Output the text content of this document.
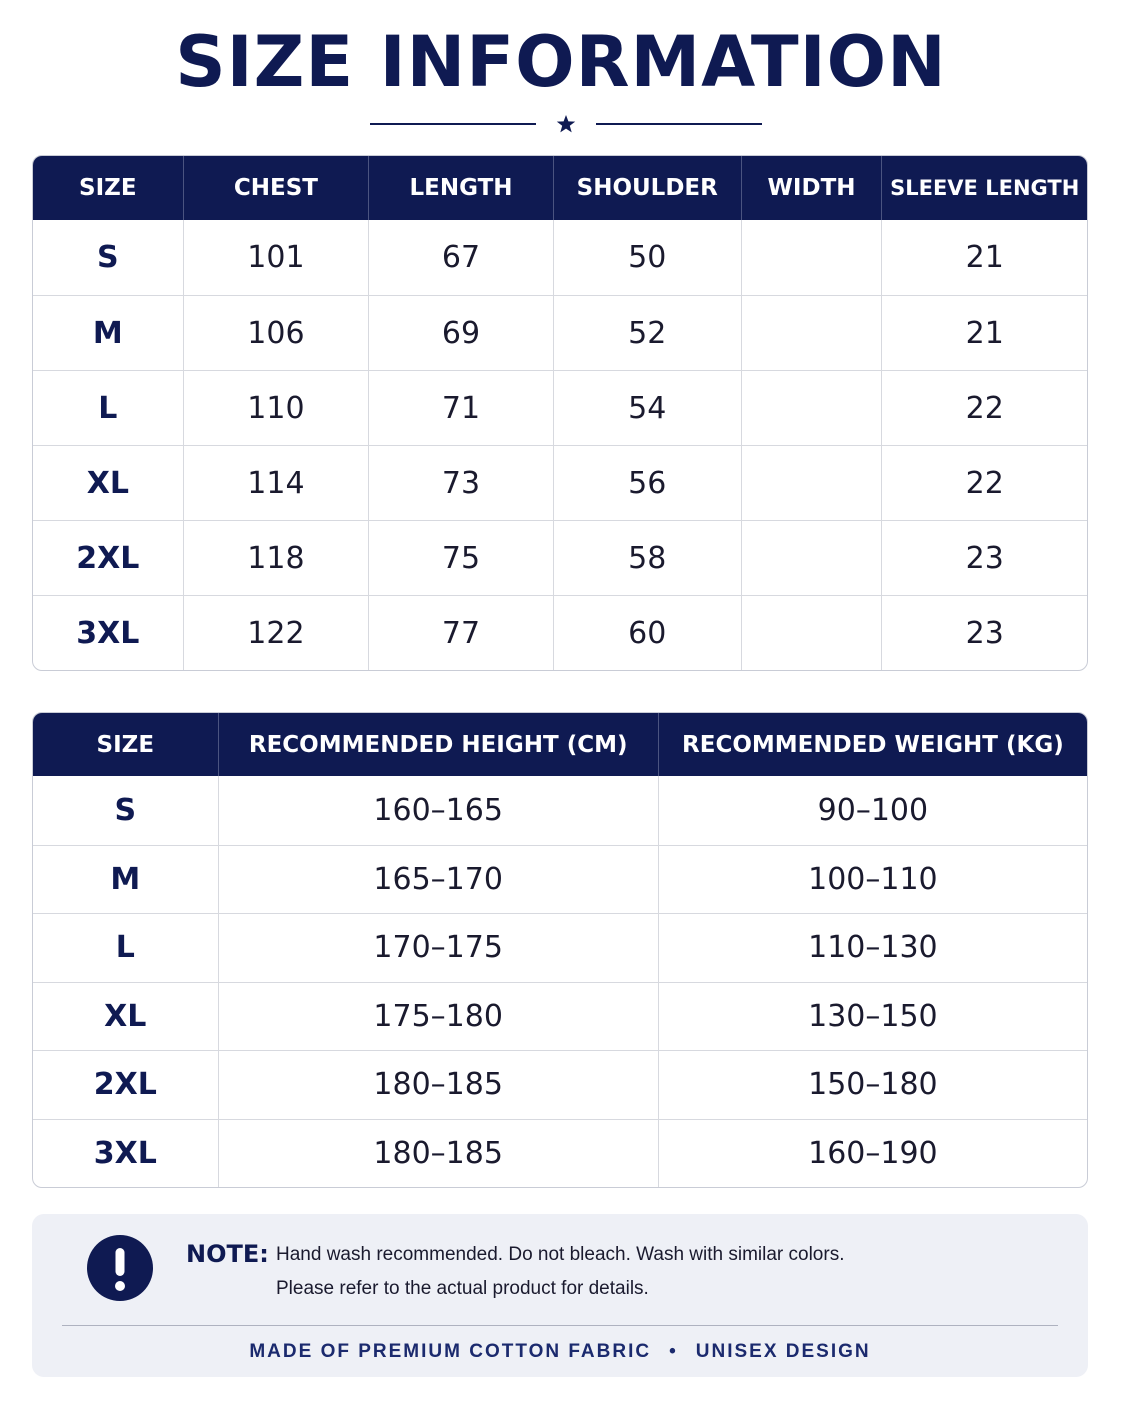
SIZE INFORMATION
SIZE	CHEST	LENGTH	SHOULDER	WIDTH	SLEEVE LENGTH
S	101	67	50		21
M	106	69	52		21
L	110	71	54		22
XL	114	73	56		22
2XL	118	75	58		23
3XL	122	77	60		23
SIZE	RECOMMENDED HEIGHT (CM)	RECOMMENDED WEIGHT (KG)
S	160–165	90–100
M	165–170	100–110
L	170–175	110–130
XL	175–180	130–150
2XL	180–185	150–180
3XL	180–185	160–190
NOTE: Hand wash recommended. Do not bleach. Wash with similar colors.
Please refer to the actual product for details.
MADE OF PREMIUM COTTON FABRIC • UNISEX DESIGN
